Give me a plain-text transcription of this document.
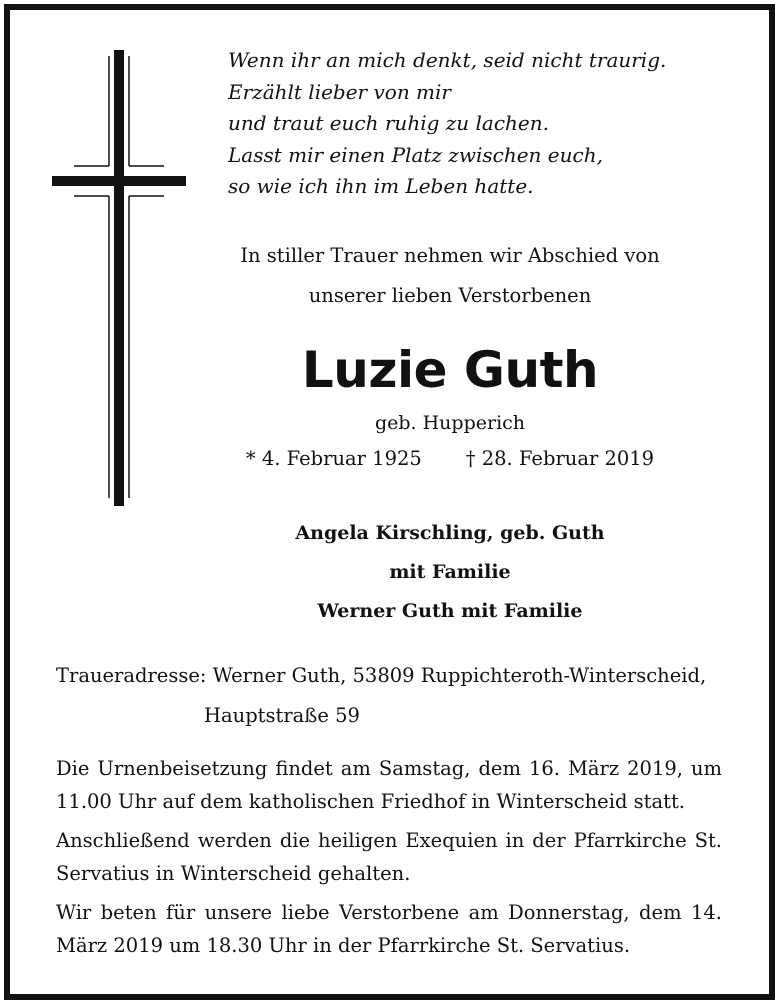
Wenn ihr an mich denkt, seid nicht traurig.
Erzählt lieber von mir
und traut euch ruhig zu lachen.
Lasst mir einen Platz zwischen euch,
so wie ich ihn im Leben hatte.
In stiller Trauer nehmen wir Abschied von
unserer lieben Verstorbenen
Luzie Guth
geb. Hupperich
* 4. Februar 1925 † 28. Februar 2019
Angela Kirschling, geb. Guth
mit Familie
Werner Guth mit Familie
Traueradresse: Werner Guth, 53809 Ruppichteroth-Winterscheid,
Hauptstraße 59

Die Urnenbeisetzung findet am Samstag, dem 16. März 2019, um 11.00 Uhr auf dem katholischen Friedhof in Winterscheid statt.

Anschließend werden die heiligen Exequien in der Pfarrkirche St. Servatius in Winterscheid gehalten.

Wir beten für unsere liebe Verstorbene am Donnerstag, dem 14. März 2019 um 18.30 Uhr in der Pfarrkirche St. Servatius.
